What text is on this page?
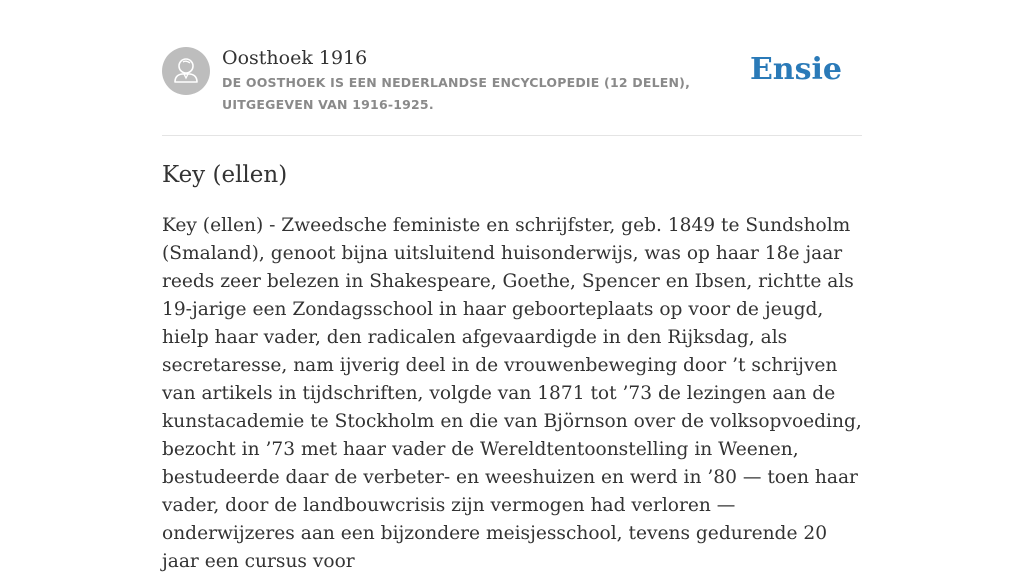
Oosthoek 1916
DE OOSTHOEK IS EEN NEDERLANDSE ENCYCLOPEDIE (12 DELEN), UITGEGEVEN VAN 1916-1925.
Ensie
Key (ellen)

Key (ellen) - Zweedsche feministe en schrijfster, geb. 1849 te Sundsholm (Smaland), genoot bijna uitsluitend huisonderwijs, was op haar 18e jaar reeds zeer belezen in Shakespeare, Goethe, Spencer en Ibsen, richtte als 19-jarige een Zondagsschool in haar geboorteplaats op voor de jeugd, hielp haar vader, den radicalen afgevaardigde in den Rijksdag, als secretaresse, nam ijverig deel in de vrouwenbeweging door ’t schrijven van artikels in tijdschriften, volgde van 1871 tot ’73 de lezingen aan de kunstacademie te Stockholm en die van Björnson over de volksopvoeding, bezocht in ’73 met haar vader de Wereldtentoonstelling in Weenen, bestudeerde daar de verbeter- en weeshuizen en werd in ’80 — toen haar vader, door de landbouwcrisis zijn vermogen had verloren — onderwijzeres aan een bijzondere meisjesschool, tevens gedurende 20 jaar een cursus voor
